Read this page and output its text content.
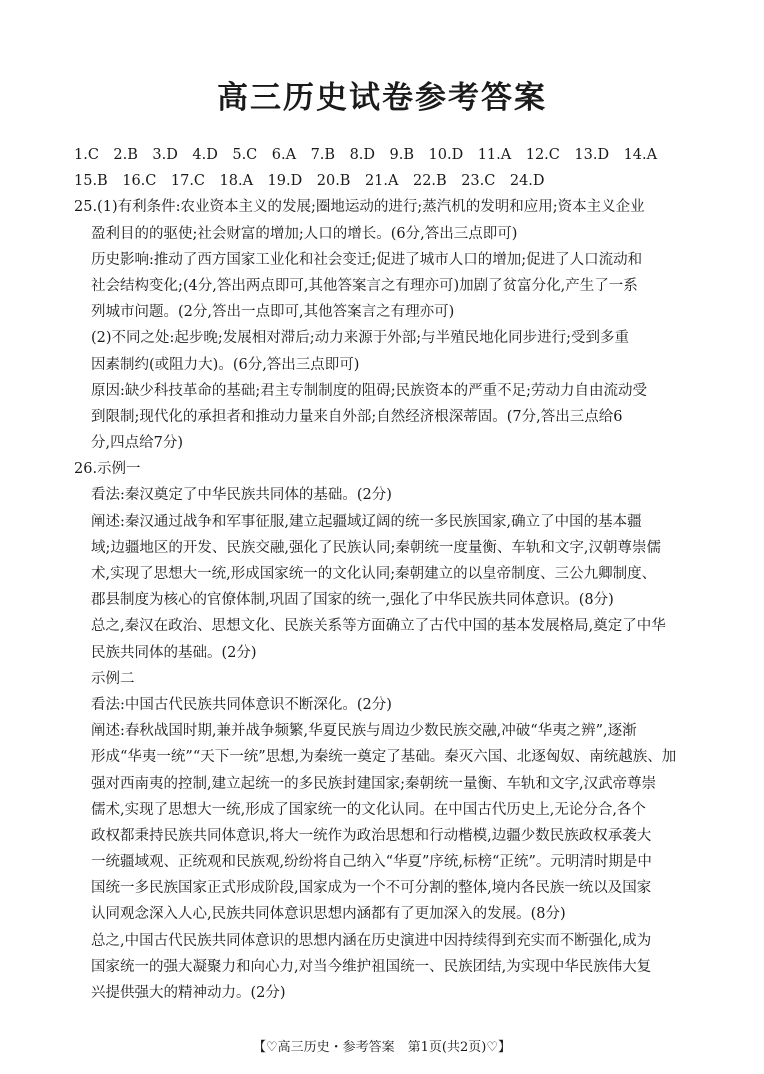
高三历史试卷参考答案
1.C　2.B　3.D　4.D　5.C　6.A　7.B　8.D　9.B　10.D　11.A　12.C　13.D　14.A
15.B　16.C　17.C　18.A　19.D　20.B　21.A　22.B　23.C　24.D
25.(1)有利条件:农业资本主义的发展;圈地运动的进行;蒸汽机的发明和应用;资本主义企业
盈利目的的驱使;社会财富的增加;人口的增长。(6分,答出三点即可)
历史影响:推动了西方国家工业化和社会变迁;促进了城市人口的增加;促进了人口流动和
社会结构变化;(4分,答出两点即可,其他答案言之有理亦可)加剧了贫富分化,产生了一系
列城市问题。(2分,答出一点即可,其他答案言之有理亦可)
(2)不同之处:起步晚;发展相对滞后;动力来源于外部;与半殖民地化同步进行;受到多重
因素制约(或阻力大)。(6分,答出三点即可)
原因:缺少科技革命的基础;君主专制制度的阻碍;民族资本的严重不足;劳动力自由流动受
到限制;现代化的承担者和推动力量来自外部;自然经济根深蒂固。(7分,答出三点给6
分,四点给7分)
26.示例一
看法:秦汉奠定了中华民族共同体的基础。(2分)
阐述:秦汉通过战争和军事征服,建立起疆域辽阔的统一多民族国家,确立了中国的基本疆
域;边疆地区的开发、民族交融,强化了民族认同;秦朝统一度量衡、车轨和文字,汉朝尊崇儒
术,实现了思想大一统,形成国家统一的文化认同;秦朝建立的以皇帝制度、三公九卿制度、
郡县制度为核心的官僚体制,巩固了国家的统一,强化了中华民族共同体意识。(8分)
总之,秦汉在政治、思想文化、民族关系等方面确立了古代中国的基本发展格局,奠定了中华
民族共同体的基础。(2分)
示例二
看法:中国古代民族共同体意识不断深化。(2分)
阐述:春秋战国时期,兼并战争频繁,华夏民族与周边少数民族交融,冲破“华夷之辨”,逐渐
形成“华夷一统”“天下一统”思想,为秦统一奠定了基础。秦灭六国、北逐匈奴、南统越族、加
强对西南夷的控制,建立起统一的多民族封建国家;秦朝统一量衡、车轨和文字,汉武帝尊崇
儒术,实现了思想大一统,形成了国家统一的文化认同。在中国古代历史上,无论分合,各个
政权都秉持民族共同体意识,将大一统作为政治思想和行动楷模,边疆少数民族政权承袭大
一统疆域观、正统观和民族观,纷纷将自己纳入“华夏”序统,标榜“正统”。元明清时期是中
国统一多民族国家正式形成阶段,国家成为一个不可分割的整体,境内各民族一统以及国家
认同观念深入人心,民族共同体意识思想内涵都有了更加深入的发展。(8分)
总之,中国古代民族共同体意识的思想内涵在历史演进中因持续得到充实而不断强化,成为
国家统一的强大凝聚力和向心力,对当今维护祖国统一、民族团结,为实现中华民族伟大复
兴提供强大的精神动力。(2分)
【♡高三历史・参考答案　第1页(共2页)♡】
